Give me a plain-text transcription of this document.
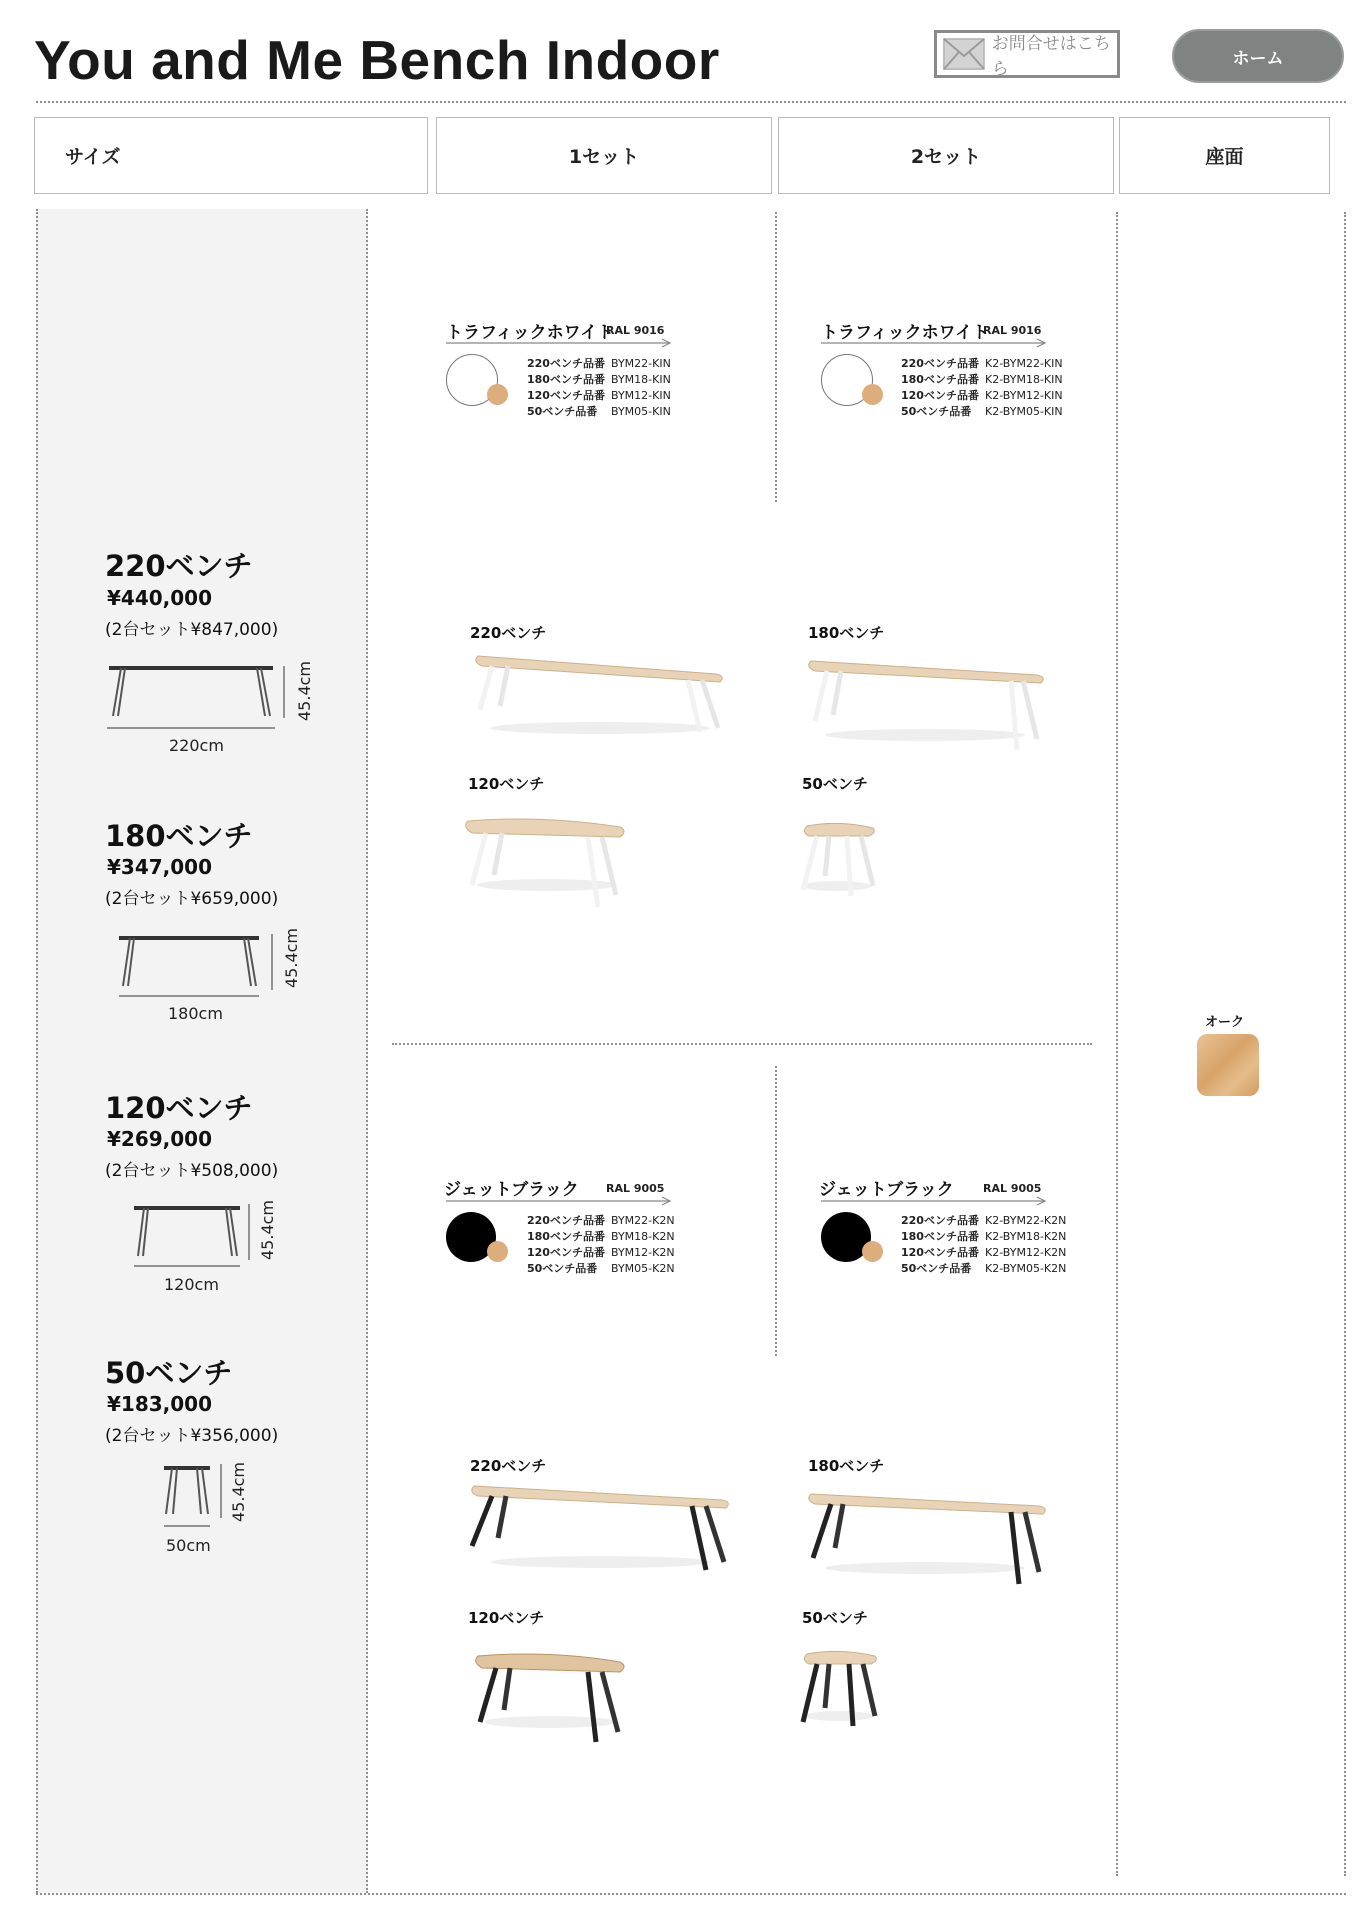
You and Me Bench Indoor	お問合せはこちら
ホーム
サイズ	1セット	2セット	座面
220ベンチ
¥440,000
(2台セット¥847,000)
220cm
45.4cm
180ベンチ
¥347,000
(2台セット¥659,000)
180cm
45.4cm
120ベンチ
¥269,000
(2台セット¥508,000)
120cm
45.4cm
50ベンチ
¥183,000
(2台セット¥356,000)
50cm
45.4cm
トラフィックホワイト
RAL 9016
220ベンチ品番 BYM22-KIN
180ベンチ品番 BYM18-KIN
120ベンチ品番 BYM12-KIN
50ベンチ品番 BYM05-KIN
トラフィックホワイト
RAL 9016
220ベンチ品番 K2-BYM22-KIN
180ベンチ品番 K2-BYM18-KIN
120ベンチ品番 K2-BYM12-KIN
50ベンチ品番 K2-BYM05-KIN
220ベンチ	180ベンチ
120ベンチ	50ベンチ
ジェットブラック RAL 9005
220ベンチ品番 BYM22-K2N
180ベンチ品番 BYM18-K2N
120ベンチ品番 BYM12-K2N
50ベンチ品番 BYM05-K2N
ジェットブラック	RAL 9005
220ベンチ品番 K2-BYM22-K2N
180ベンチ品番 K2-BYM18-K2N
120ベンチ品番 K2-BYM12-K2N
50ベンチ品番 K2-BYM05-K2N
220ベンチ	180ベンチ
120ベンチ	50ベンチ
オーク
